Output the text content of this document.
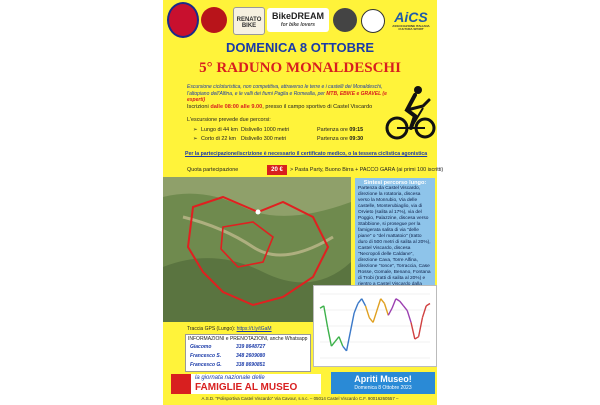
RENATO BIKE
BikeDREAM
for bike lovers	AiCS
ASSOCIAZIONE ITALIANA CULTURA SPORT
DOMENICA 8 OTTOBRE
5° RADUNO MONALDESCHI
Escursione cicloturistica, non competitiva, attraverso le terre e i castelli dei Monaldeschi, l'altopiano dell'Alfina, e le valli dei fiumi Paglia e Romealla, per MTB, EBIKE e GRAVEL (e esperti)
Iscrizioni dalle 08:00 alle 9.00, presso il campo sportivo di Castel Viscardo
L'escursione prevede due percorsi:
➢ Lungo di 44 km Dislivello 1000 metri	Partenza ore 09:15
➢ Corto di 22 km Dislivello 300 metri	Partenza ore 09:30
Per la partecipazione/iscrizione è necessario il certificato medico, o la tessera ciclistica agonistica
Quota partecipazione	20 €	> Pasta Party, Buono Birra + PACCO GARA (ai primi 100 iscritti)
Sintesi percorso lungo:
Partenza da Castel Viscardo, direzione la rotatoria, discesa verso la Monrubio, Via delle castelle, Monterubiaglio, via di Orvieto (salita al 17%), via del Poggio, Palazzine, discesa verso Stabbione, si prosegue per la famigerata salita di via "delle piane" o "del mattatoio" (tratto duro di 500 metri di salita al 20%), Castel Viscardo, discesa "Necropoli delle Caldane", direzione Cava, Torre Alfina, direzione "Ionce", Torraccia, Case Rosse, Gomale, Benano, Fontana di Trobi (tratti di salita al 20%) e rientro a Castel Viscardo dalla salita del "Museo del cotto" (salita 17%)
Traccia GPS (Lungo): https://t.ly/tGaM
INFORMAZIONI e PRENOTAZIONI, anche Whatsapp
Giacomo	339 8648727
Francesco S.	348 2609080
Francesco G.	338 8690851
la giornata nazionale delle
FAMIGLIE AL MUSEO
Apriti Museo!
Domenica 8 Ottobre 2023
A.S.D. "Polisportiva Castel Viscardo" Via Cavour, s.n.c. – 05014 Castel Viscardo C.F. 90016260557 –
